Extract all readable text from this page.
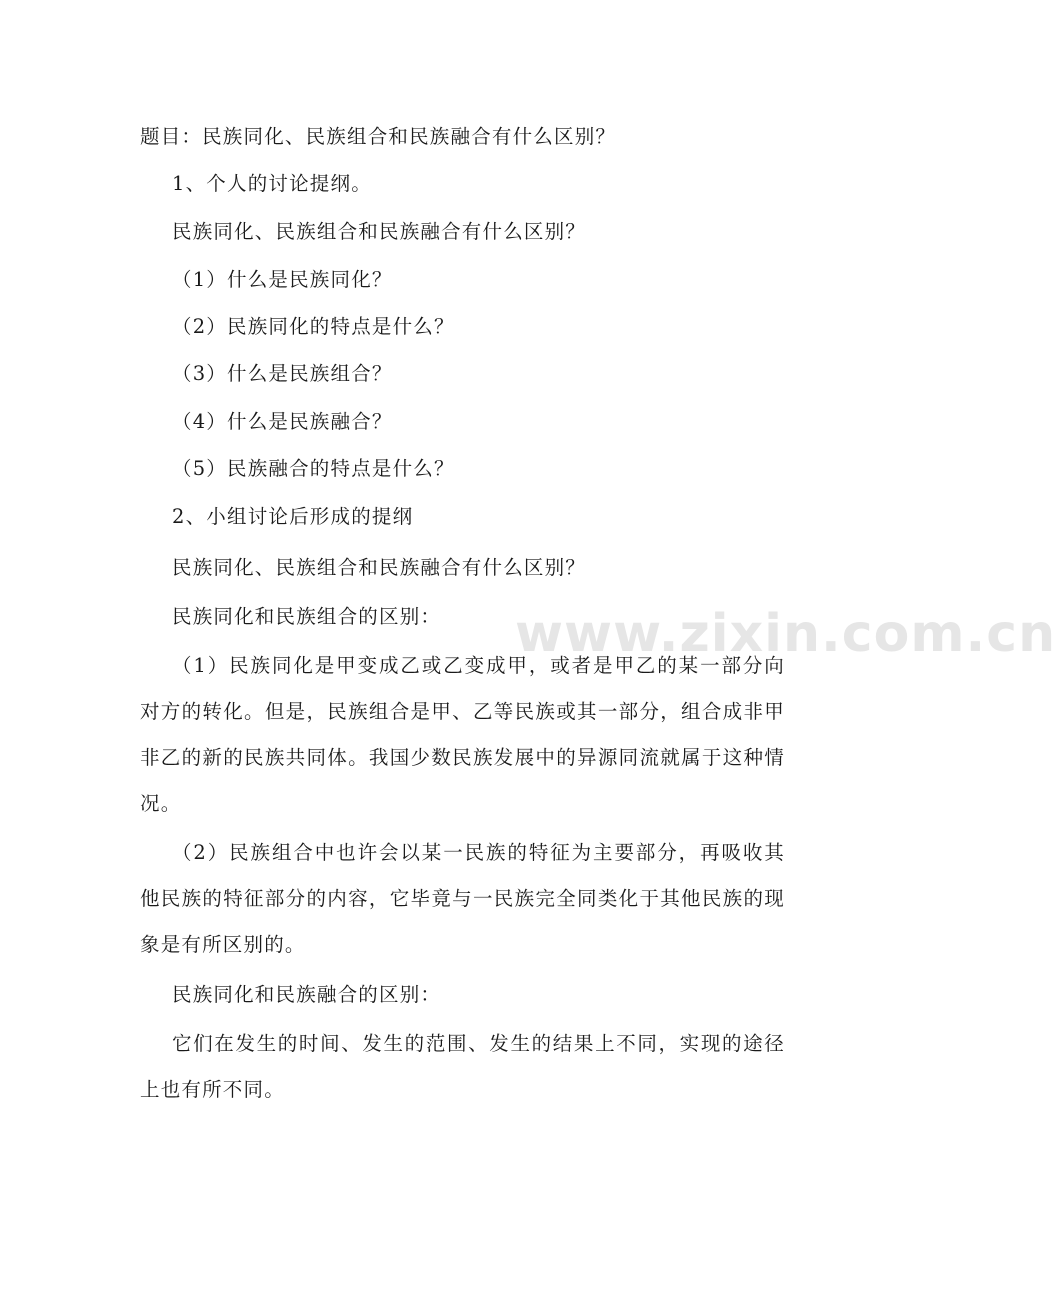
www.zixin.com.cn
题目：民族同化、民族组合和民族融合有什么区别？
1、个人的讨论提纲。
民族同化、民族组合和民族融合有什么区别？
（1）什么是民族同化？
（2）民族同化的特点是什么？
（3）什么是民族组合？
（4）什么是民族融合？
（5）民族融合的特点是什么？
2、小组讨论后形成的提纲
民族同化、民族组合和民族融合有什么区别？
民族同化和民族组合的区别：
（1）民族同化是甲变成乙或乙变成甲，或者是甲乙的某一部分向对方的转化。但是，民族组合是甲、乙等民族或其一部分，组合成非甲非乙的新的民族共同体。我国少数民族发展中的异源同流就属于这种情况。
（2）民族组合中也许会以某一民族的特征为主要部分，再吸收其他民族的特征部分的内容，它毕竟与一民族完全同类化于其他民族的现象是有所区别的。
民族同化和民族融合的区别：
它们在发生的时间、发生的范围、发生的结果上不同，实现的途径上也有所不同。
